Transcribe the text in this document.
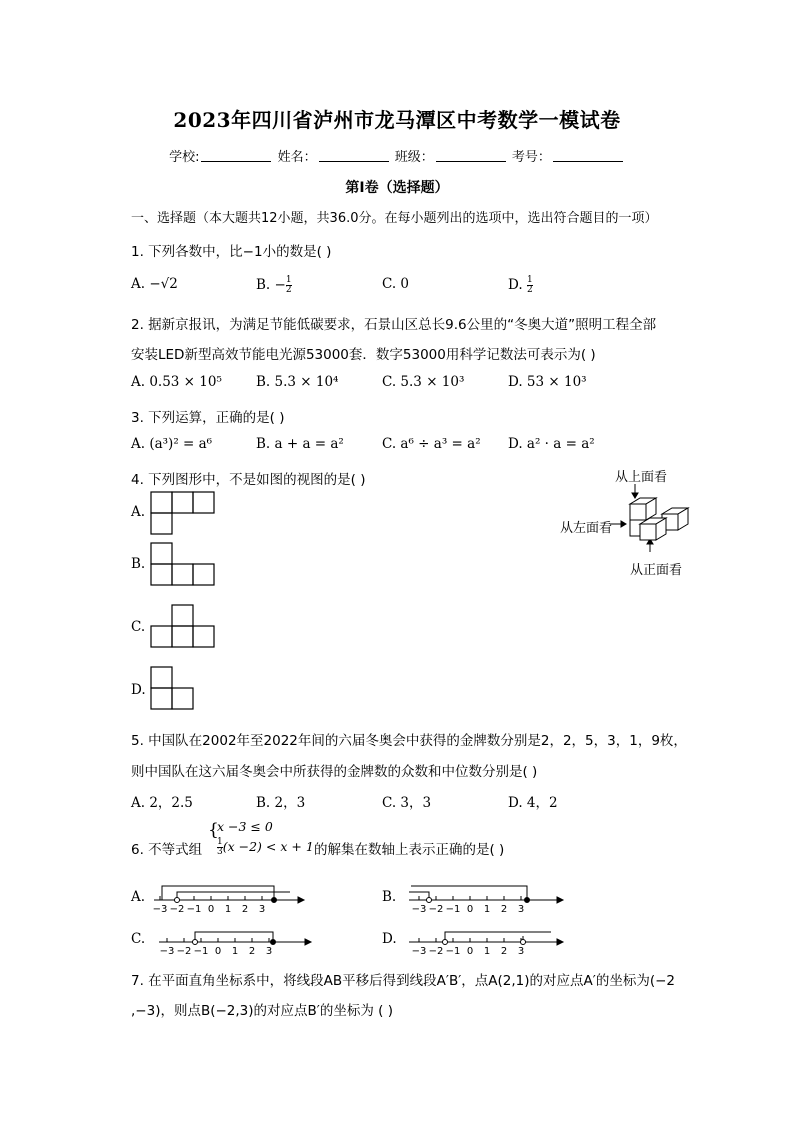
2023年四川省泸州市龙马潭区中考数学一模试卷
学校:	姓名：	班级：	考号：
第I卷（选择题）
一、选择题（本大题共12小题，共36.0分。在每小题列出的选项中，选出符合题目的一项）
1. 下列各数中，比−1小的数是( )
A. −√2	B. − $\frac{1}{2}$	C. 0	D. $\frac{1}{2}$
2. 据新京报讯，为满足节能低碳要求，石景山区总长9.6公里的“冬奥大道”照明工程全部
安装LED新型高效节能电光源53000套．数字53000用科学记数法可表示为( )
A. 0.53 × 10⁵	B. 5.3 × 10⁴	C. 5.3 × 10³	D. 53 × 10³
3. 下列运算，正确的是( )
A. (a³)² = a⁶	B. a + a = a²	C. a⁶ ÷ a³ = a² D. a² · a = a²
4. 下列图形中，不是如图的视图的是( )
A.
B.
C.
D.
从上面看
从左面看
从正面看
5. 中国队在2002年至2022年间的六届冬奥会中获得的金牌数分别是2，2，5，3，1，9枚，
则中国队在这六届冬奥会中所获得的金牌数的众数和中位数分别是( )
A. 2，2.5	B. 2，3	C. 3，3	D. 4，2
6. 不等式组
{
x −3 ≤ 0
$\frac{1}{3} (x -2) < x + 1$ 的解集在数轴上表示正确的是( )
A.	B.
C.	D.
−3 −2 −1 0 1 2 3	−3 −2 −1 0 1 2 3
−3 −2 −1 0 1 2 3	−3 −2 −1 0 1 2 3
7. 在平面直角坐标系中，将线段AB平移后得到线段A′B′，点A(2,1)的对应点A′的坐标为(−2
,−3)，则点B(−2,3)的对应点B′的坐标为 ( )
